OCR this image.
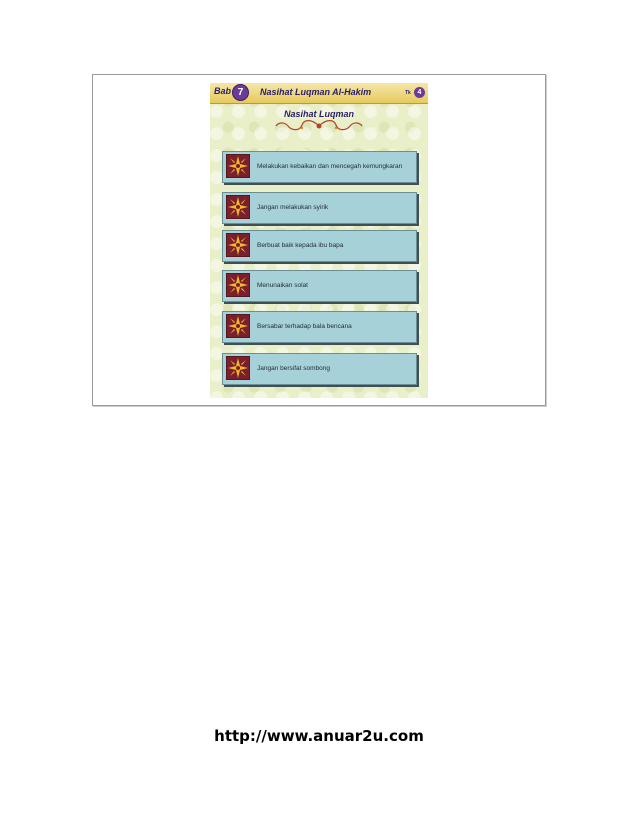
Bab 7	Nasihat Luqman Al-Hakim	Tk 4
Nasihat Luqman
Melakukan kebaikan dan mencegah kemungkaran
Jangan melakukan syirik
Berbuat baik kepada ibu bapa
Menunaikan solat
Bersabar terhadap bala bencana
Jangan bersifat sombong
http://www.anuar2u.com
